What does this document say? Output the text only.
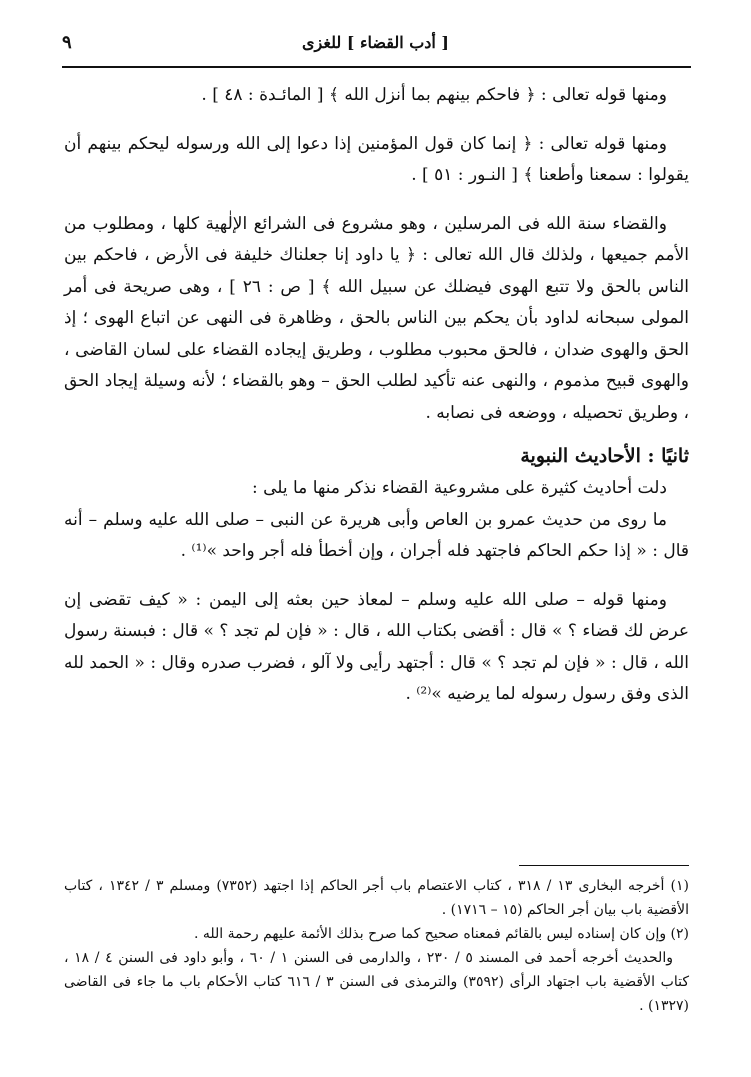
[ أدب القضاء ] للغزى
٩

ومنها قوله تعالى : ﴿ فاحكم بينهم بما أنزل الله ﴾ [ المائـدة : ٤٨ ] .

ومنها قوله تعالى : ﴿ إنما كان قول المؤمنين إذا دعوا إلى الله ورسوله ليحكم بينهم أن يقولوا : سمعنا وأطعنا ﴾ [ النـور : ٥١ ] .

والقضاء سنة الله فى المرسلين ، وهو مشروع فى الشرائع الإلٰهية كلها ، ومطلوب من الأمم جميعها ، ولذلك قال الله تعالى : ﴿ يا داود إنا جعلناك خليفة فى الأرض ، فاحكم بين الناس بالحق ولا تتبع الهوى فيضلك عن سبيل الله ﴾ [ ص : ٢٦ ] ، وهى صريحة فى أمر المولى سبحانه لداود بأن يحكم بين الناس بالحق ، وظاهرة فى النهى عن اتباع الهوى ؛ إذ الحق والهوى ضدان ، فالحق محبوب مطلوب ، وطريق إيجاده القضاء على لسان القاضى ، والهوى قبيح مذموم ، والنهى عنه تأكيد لطلب الحق – وهو بالقضاء ؛ لأنه وسيلة إيجاد الحق ، وطريق تحصيله ، ووضعه فى نصابه .

ثانيًا : الأحاديث النبوية

دلت أحاديث كثيرة على مشروعية القضاء نذكر منها ما يلى :

ما روى من حديث عمرو بن العاص وأبى هريرة عن النبى – صلى الله عليه وسلم – أنه قال : « إذا حكم الحاكم فاجتهد فله أجران ، وإن أخطأ فله أجر واحد »⁽¹⁾ .

ومنها قوله – صلى الله عليه وسلم – لمعاذ حين بعثه إلى اليمن : « كيف تقضى إن عرض لك قضاء ؟ » قال : أقضى بكتاب الله ، قال : « فإن لم تجد ؟ » قال : فبسنة رسول الله ، قال : « فإن لم تجد ؟ » قال : أجتهد رأيى ولا آلو ، فضرب صدره وقال : « الحمد لله الذى وفق رسول رسوله لما يرضيه »⁽²⁾ .

(١) أخرجه البخارى ١٣ / ٣١٨ ، كتاب الاعتصام باب أجر الحاكم إذا اجتهد (٧٣٥٢) ومسلم ٣ / ١٣٤٢ ، كتاب الأقضية باب بيان أجر الحاكم (١٥ – ١٧١٦) .

(٢) وإن كان إسناده ليس بالقائم فمعناه صحيح كما صرح بذلك الأئمة عليهم رحمة الله .

والحديث أخرجه أحمد فى المسند ٥ / ٢٣٠ ، والدارمى فى السنن ١ / ٦٠ ، وأبو داود فى السنن ٤ / ١٨ ، كتاب الأقضية باب اجتهاد الرأى (٣٥٩٢) والترمذى فى السنن ٣ / ٦١٦ كتاب الأحكام باب ما جاء فى القاضى (١٣٢٧) .
